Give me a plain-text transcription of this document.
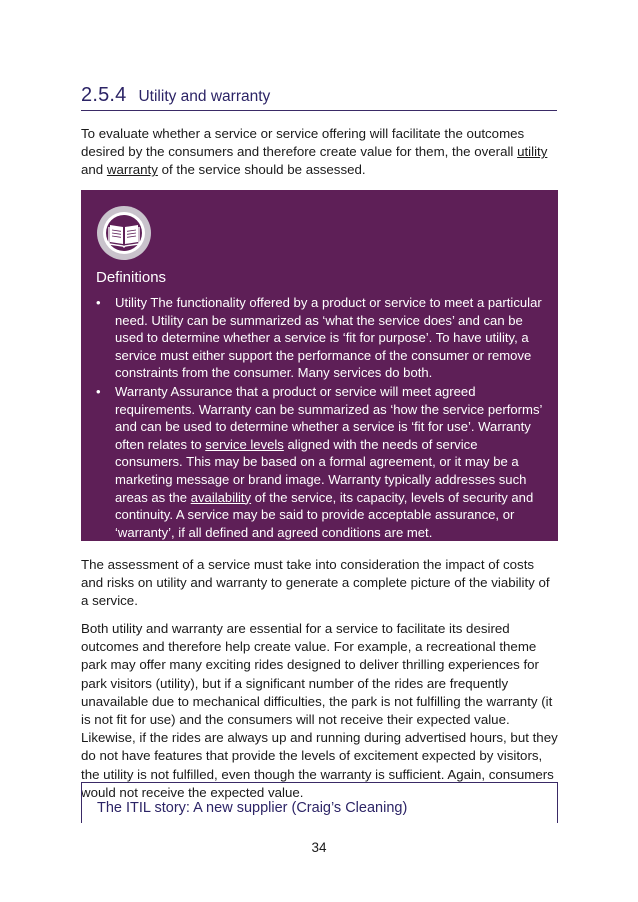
2.5.4 Utility and warranty

To evaluate whether a service or service offering will facilitate the outcomes desired by the consumers and therefore create value for them, the overall utility and warranty of the service should be assessed.

Definitions
• Utility The functionality offered by a product or service to meet a particular need. Utility can be summarized as ‘what the service does’ and can be used to determine whether a service is ‘fit for purpose’. To have utility, a service must either support the performance of the consumer or remove constraints from the consumer. Many services do both.
• Warranty Assurance that a product or service will meet agreed requirements. Warranty can be summarized as ‘how the service performs’ and can be used to determine whether a service is ‘fit for use’. Warranty often relates to service levels aligned with the needs of service consumers. This may be based on a formal agreement, or it may be a marketing message or brand image. Warranty typically addresses such areas as the availability of the service, its capacity, levels of security and continuity. A service may be said to provide acceptable assurance, or ‘warranty’, if all defined and agreed conditions are met.

The assessment of a service must take into consideration the impact of costs and risks on utility and warranty to generate a complete picture of the viability of a service.

Both utility and warranty are essential for a service to facilitate its desired outcomes and therefore help create value. For example, a recreational theme park may offer many exciting rides designed to deliver thrilling experiences for park visitors (utility), but if a significant number of the rides are frequently unavailable due to mechanical difficulties, the park is not fulfilling the warranty (it is not fit for use) and the consumers will not receive their expected value. Likewise, if the rides are always up and running during advertised hours, but they do not have features that provide the levels of excitement expected by visitors, the utility is not fulfilled, even though the warranty is sufficient. Again, consumers would not receive the expected value.

The ITIL story: A new supplier (Craig’s Cleaning)
34
